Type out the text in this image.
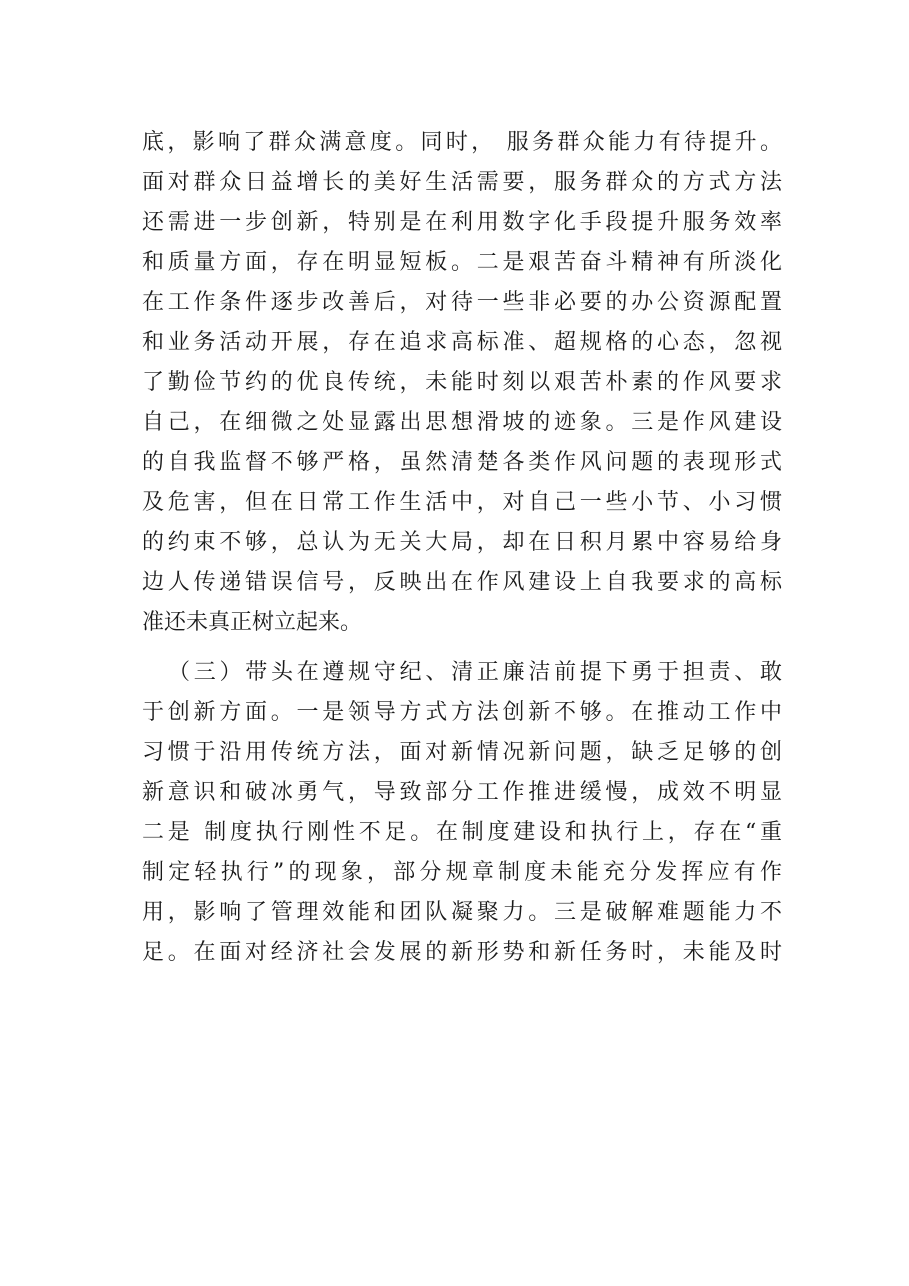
底，影响了群众满意度。同时， 服务群众能力有待提升。
面对群众日益增长的美好生活需要，服务群众的方式方法
还需进一步创新，特别是在利用数字化手段提升服务效率
和质量方面，存在明显短板。二是艰苦奋斗精神有所淡化
在工作条件逐步改善后，对待一些非必要的办公资源配置
和业务活动开展，存在追求高标准、超规格的心态，忽视
了勤俭节约的优良传统，未能时刻以艰苦朴素的作风要求
自己，在细微之处显露出思想滑坡的迹象。三是作风建设
的自我监督不够严格，虽然清楚各类作风问题的表现形式
及危害，但在日常工作生活中，对自己一些小节、小习惯
的约束不够，总认为无关大局，却在日积月累中容易给身
边人传递错误信号，反映出在作风建设上自我要求的高标
准还未真正树立起来。
（三）带头在遵规守纪、清正廉洁前提下勇于担责、敢
于创新方面。一是领导方式方法创新不够。在推动工作中
习惯于沿用传统方法，面对新情况新问题，缺乏足够的创
新意识和破冰勇气，导致部分工作推进缓慢，成效不明显
二是 制度执行刚性不足。在制度建设和执行上，存在“重
制定轻执行”的现象，部分规章制度未能充分发挥应有作
用，影响了管理效能和团队凝聚力。三是破解难题能力不
足。在面对经济社会发展的新形势和新任务时，未能及时
